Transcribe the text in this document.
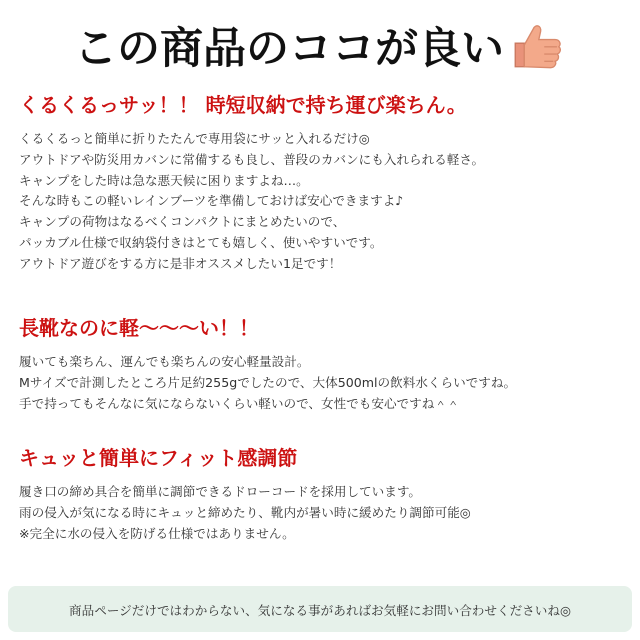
この商品のココが良い
くるくるっサッ！！ 時短収納で持ち運び楽ちん。
くるくるっと簡単に折りたたんで専用袋にサッと入れるだけ◎
アウトドアや防災用カバンに常備するも良し、普段のカバンにも入れられる軽さ。
キャンプをした時は急な悪天候に困りますよね…。
そんな時もこの軽いレインブーツを準備しておけば安心できますよ♪
キャンプの荷物はなるべくコンパクトにまとめたいので、
パッカブル仕様で収納袋付きはとても嬉しく、使いやすいです。
アウトドア遊びをする方に是非オススメしたい1足です！
長靴なのに軽〜〜〜い！！
履いても楽ちん、運んでも楽ちんの安心軽量設計。
Mサイズで計測したところ片足約255gでしたので、大体500mlの飲料水くらいですね。
手で持ってもそんなに気にならないくらい軽いので、女性でも安心ですね＾＾
キュッと簡単にフィット感調節
履き口の締め具合を簡単に調節できるドローコードを採用しています。
雨の侵入が気になる時にキュッと締めたり、靴内が暑い時に緩めたり調節可能◎
※完全に水の侵入を防げる仕様ではありません。
商品ページだけではわからない、気になる事があればお気軽にお問い合わせくださいね◎
